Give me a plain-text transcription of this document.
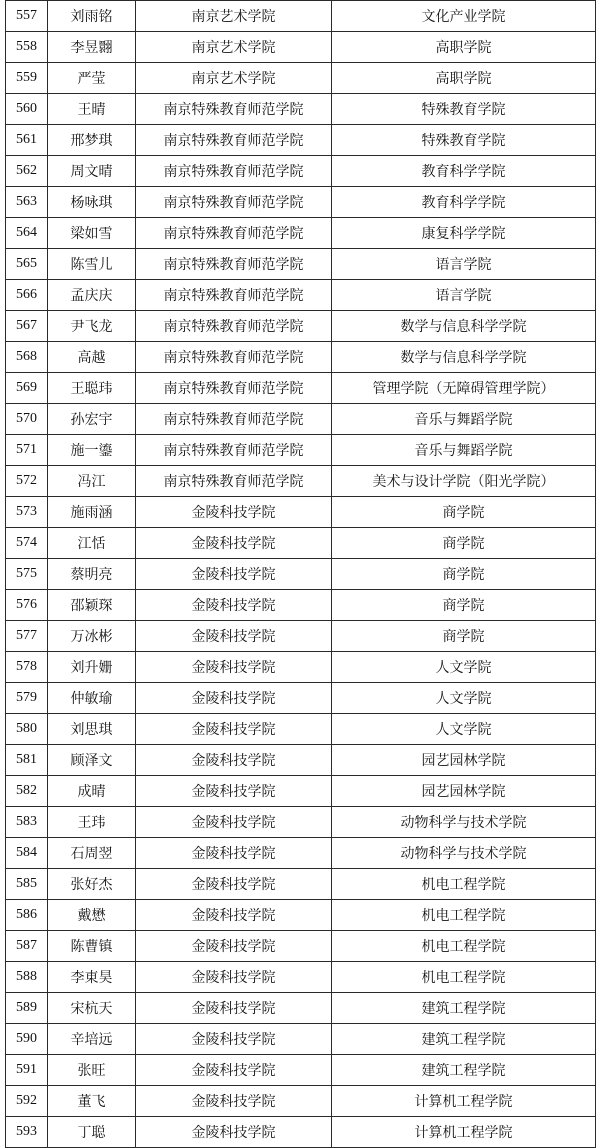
557	刘雨铭	南京艺术学院	文化产业学院
558	李昱翾	南京艺术学院	高职学院
559	严莹	南京艺术学院	高职学院
560	王晴	南京特殊教育师范学院	特殊教育学院
561	邢梦琪	南京特殊教育师范学院	特殊教育学院
562	周文晴	南京特殊教育师范学院	教育科学学院
563	杨咏琪	南京特殊教育师范学院	教育科学学院
564	梁如雪	南京特殊教育师范学院	康复科学学院
565	陈雪儿	南京特殊教育师范学院	语言学院
566	孟庆庆	南京特殊教育师范学院	语言学院
567	尹飞龙	南京特殊教育师范学院	数学与信息科学学院
568	高越	南京特殊教育师范学院	数学与信息科学学院
569	王聪玮	南京特殊教育师范学院	管理学院（无障碍管理学院）
570	孙宏宇	南京特殊教育师范学院	音乐与舞蹈学院
571	施一鎏	南京特殊教育师范学院	音乐与舞蹈学院
572	冯江	南京特殊教育师范学院	美术与设计学院（阳光学院）
573	施雨涵	金陵科技学院	商学院
574	江恬	金陵科技学院	商学院
575	蔡明亮	金陵科技学院	商学院
576	邵颖琛	金陵科技学院	商学院
577	万冰彬	金陵科技学院	商学院
578	刘升姗	金陵科技学院	人文学院
579	仲敏瑜	金陵科技学院	人文学院
580	刘思琪	金陵科技学院	人文学院
581	顾泽文	金陵科技学院	园艺园林学院
582	成晴	金陵科技学院	园艺园林学院
583	王玮	金陵科技学院	动物科学与技术学院
584	石周翌	金陵科技学院	动物科学与技术学院
585	张好杰	金陵科技学院	机电工程学院
586	戴懋	金陵科技学院	机电工程学院
587	陈曹镇	金陵科技学院	机电工程学院
588	李東昊	金陵科技学院	机电工程学院
589	宋杭天	金陵科技学院	建筑工程学院
590	辛培远	金陵科技学院	建筑工程学院
591	张旺	金陵科技学院	建筑工程学院
592	董飞	金陵科技学院	计算机工程学院
593	丁聪	金陵科技学院	计算机工程学院
